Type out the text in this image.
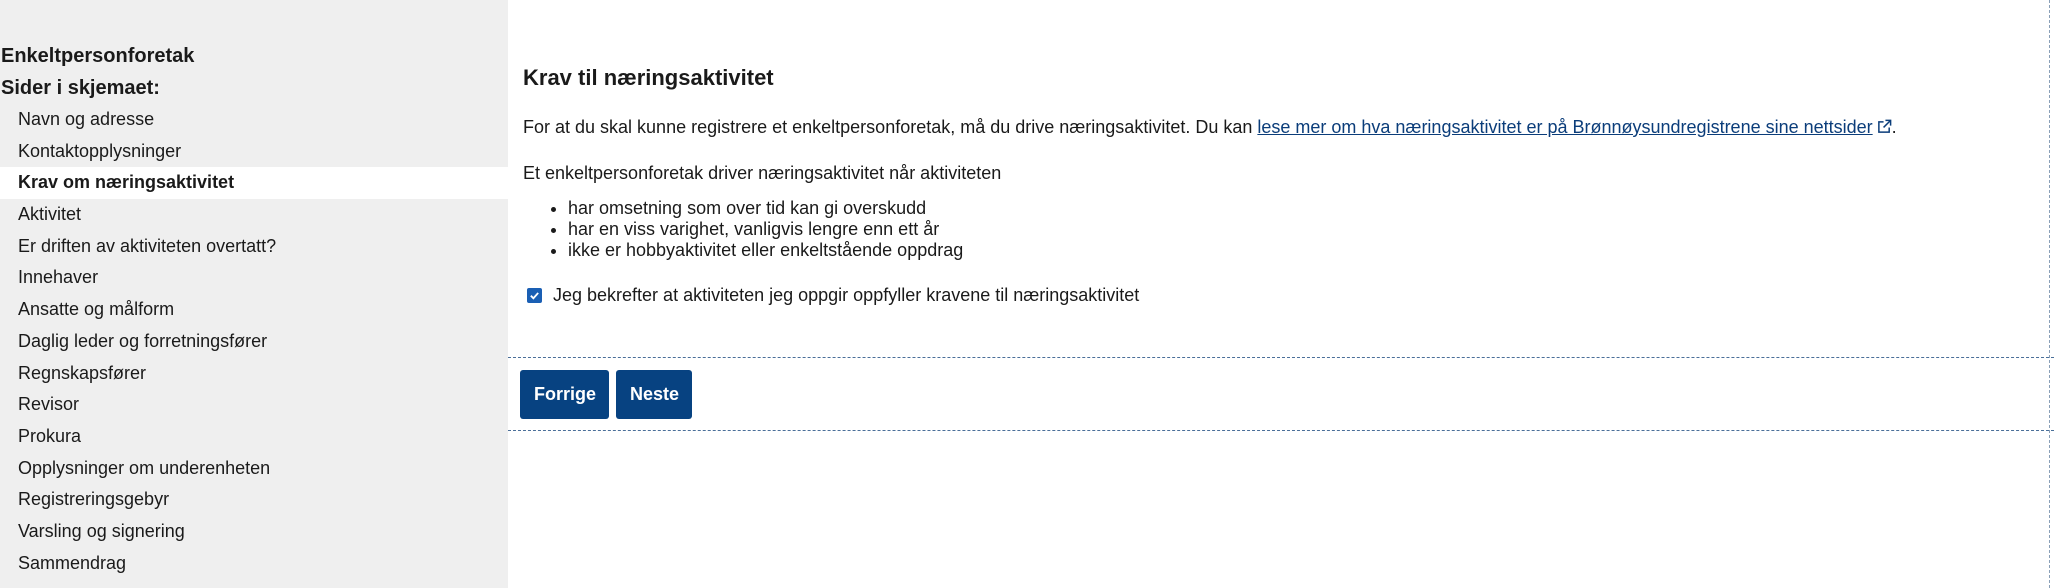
Enkeltpersonforetak
Sider i skjemaet:
Navn og adresse
Kontaktopplysninger
Krav om næringsaktivitet
Aktivitet
Er driften av aktiviteten overtatt?
Innehaver
Ansatte og målform
Daglig leder og forretningsfører
Regnskapsfører
Revisor
Prokura
Opplysninger om underenheten
Registreringsgebyr
Varsling og signering
Sammendrag
Krav til næringsaktivitet

For at du skal kunne registrere et enkeltpersonforetak, må du drive næringsaktivitet. Du kan lese mer om hva næringsaktivitet er på Brønnøysundregistrene sine nettsider .

Et enkeltpersonforetak driver næringsaktivitet når aktiviteten

• har omsetning som over tid kan gi overskudd
• har en viss varighet, vanligvis lengre enn ett år
• ikke er hobbyaktivitet eller enkeltstående oppdrag
Jeg bekrefter at aktiviteten jeg oppgir oppfyller kravene til næringsaktivitet
Forrige	Neste
